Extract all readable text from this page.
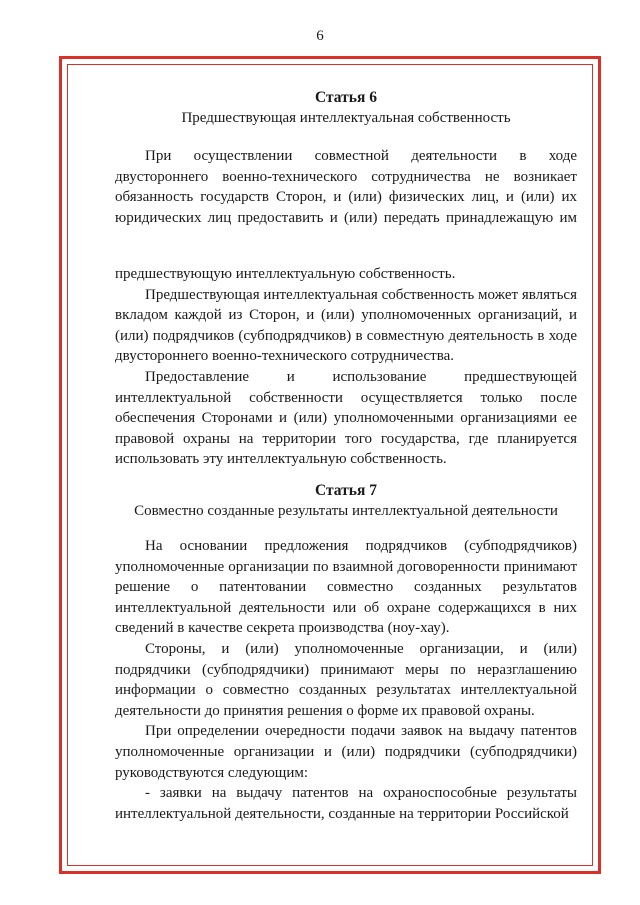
6
Статья 6
Предшествующая интеллектуальная собственность

При осуществлении совместной деятельности в ходе двустороннего военно-технического сотрудничества не возникает обязанность государств Сторон, и (или) физических лиц, и (или) их юридических лиц предоставить и (или) передать принадлежащую им

предшествующую интеллектуальную собственность.

Предшествующая интеллектуальная собственность может являться вкладом каждой из Сторон, и (или) уполномоченных организаций, и (или) подрядчиков (субподрядчиков) в совместную деятельность в ходе двустороннего военно-технического сотрудничества.

Предоставление и использование предшествующей интеллектуальной собственности осуществляется только после обеспечения Сторонами и (или) уполномоченными организациями ее правовой охраны на территории того государства, где планируется использовать эту интеллектуальную собственность.

Статья 7
Совместно созданные результаты интеллектуальной деятельности

На основании предложения подрядчиков (субподрядчиков) уполномоченные организации по взаимной договоренности принимают решение о патентовании совместно созданных результатов интеллектуальной деятельности или об охране содержащихся в них сведений в качестве секрета производства (ноу-хау).

Стороны, и (или) уполномоченные организации, и (или) подрядчики (субподрядчики) принимают меры по неразглашению информации о совместно созданных результатах интеллектуальной деятельности до принятия решения о форме их правовой охраны.

При определении очередности подачи заявок на выдачу патентов уполномоченные организации и (или) подрядчики (субподрядчики) руководствуются следующим:

- заявки на выдачу патентов на охраноспособные результаты интеллектуальной деятельности, созданные на территории Российской
